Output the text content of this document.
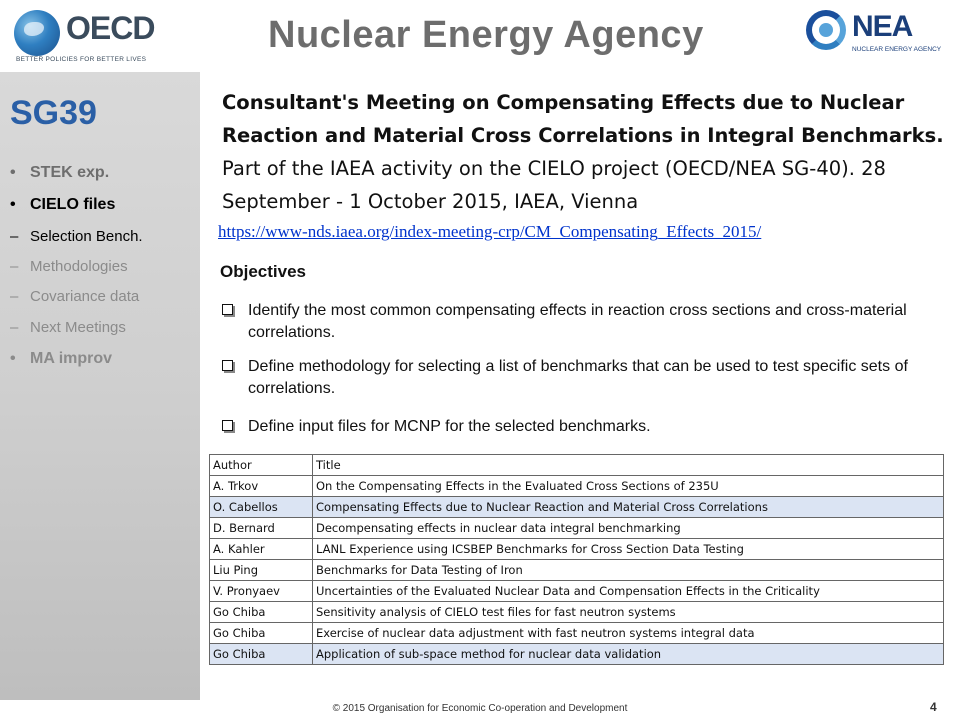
OECD
BETTER POLICIES FOR BETTER LIVES
Nuclear Energy Agency	NEA
NUCLEAR ENERGY AGENCY
SG39
• STEK exp.
• CIELO files
– Selection Bench.
– Methodologies
– Covariance data
– Next Meetings
• MA improv
Consultant's Meeting on Compensating Effects due to Nuclear Reaction and Material Cross Correlations in Integral Benchmarks. Part of the IAEA activity on the CIELO project (OECD/NEA SG-40). 28 September - 1 October 2015, IAEA, Vienna
https://www-nds.iaea.org/index-meeting-crp/CM_Compensating_Effects_2015/
Objectives
Identify the most common compensating effects in reaction cross sections and cross-material correlations.
Define methodology for selecting a list of benchmarks that can be used to test specific sets of correlations.
Define input files for MCNP for the selected benchmarks.
Author	Title
A. Trkov	On the Compensating Effects in the Evaluated Cross Sections of 235U
O. Cabellos	Compensating Effects due to Nuclear Reaction and Material Cross Correlations
D. Bernard	Decompensating effects in nuclear data integral benchmarking
A. Kahler	LANL Experience using ICSBEP Benchmarks for Cross Section Data Testing
Liu Ping	Benchmarks for Data Testing of Iron
V. Pronyaev	Uncertainties of the Evaluated Nuclear Data and Compensation Effects in the Criticality
Go Chiba	Sensitivity analysis of CIELO test files for fast neutron systems
Go Chiba	Exercise of nuclear data adjustment with fast neutron systems integral data
Go Chiba	Application of sub-space method for nuclear data validation
© 2015 Organisation for Economic Co-operation and Development	4
